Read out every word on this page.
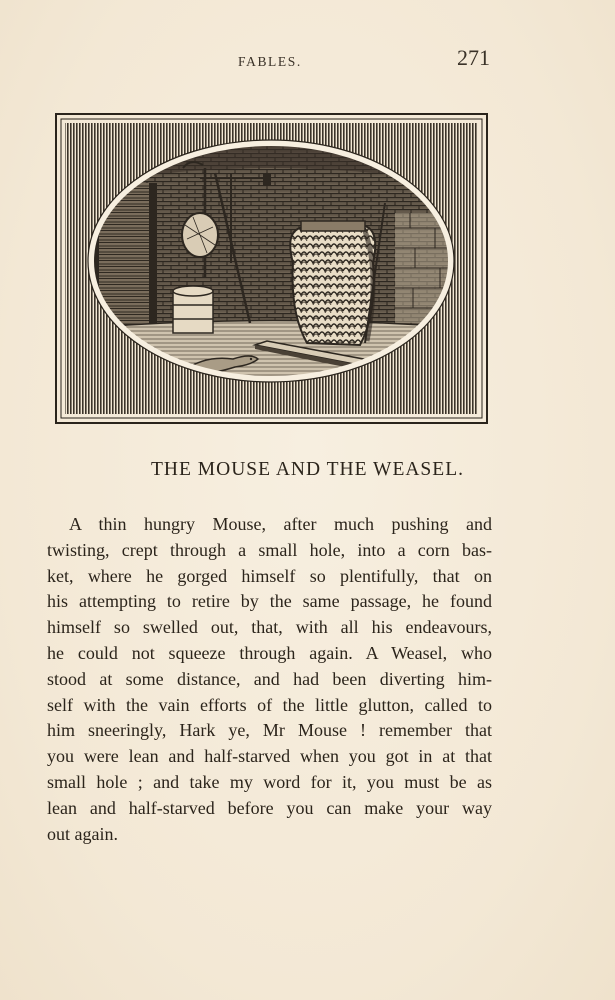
FABLES.	271
THE MOUSE AND THE WEASEL.
A thin hungry Mouse, after much pushing and
twisting, crept through a small hole, into a corn bas-
ket, where he gorged himself so plentifully, that on
his attempting to retire by the same passage, he found
himself so swelled out, that, with all his endeavours,
he could not squeeze through again. A Weasel, who
stood at some distance, and had been diverting him-
self with the vain efforts of the little glutton, called to
him sneeringly, Hark ye, Mr Mouse ! remember that
you were lean and half-starved when you got in at that
small hole ; and take my word for it, you must be as
lean and half-starved before you can make your way
out again.
